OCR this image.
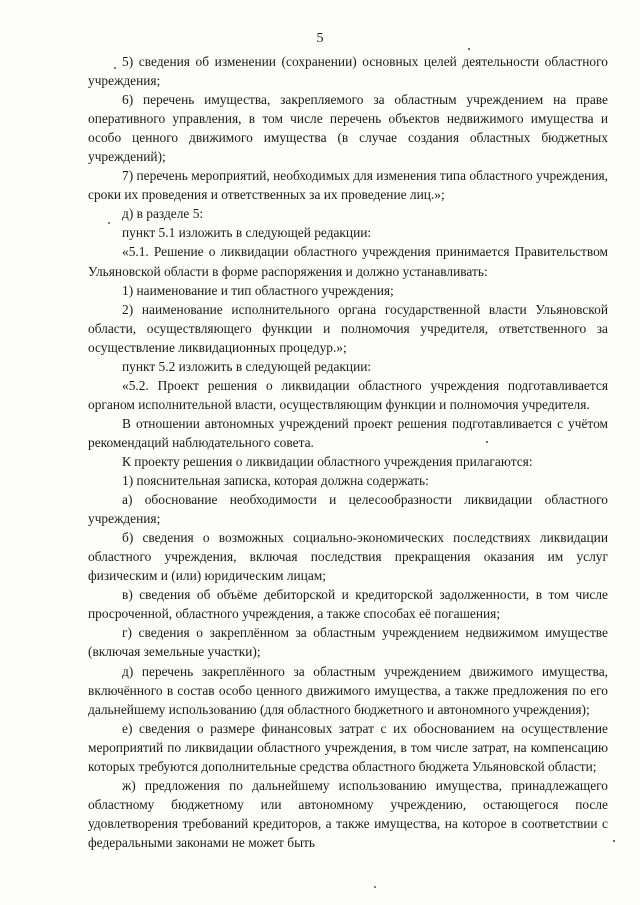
5

5) сведения об изменении (сохранении) основных целей деятельности областного учреждения;

6) перечень имущества, закрепляемого за областным учреждением на праве оперативного управления, в том числе перечень объектов недвижимого имущества и особо ценного движимого имущества (в случае создания областных бюджетных учреждений);

7) перечень мероприятий, необходимых для изменения типа областного учреждения, сроки их проведения и ответственных за их проведение лиц.»;

д) в разделе 5:

пункт 5.1 изложить в следующей редакции:

«5.1. Решение о ликвидации областного учреждения принимается Правительством Ульяновской области в форме распоряжения и должно устанавливать:

1) наименование и тип областного учреждения;

2) наименование исполнительного органа государственной власти Ульяновской области, осуществляющего функции и полномочия учредителя, ответственного за осуществление ликвидационных процедур.»;

пункт 5.2 изложить в следующей редакции:

«5.2. Проект решения о ликвидации областного учреждения подготавливается органом исполнительной власти, осуществляющим функции и полномочия учредителя.

В отношении автономных учреждений проект решения подготавливается с учётом рекомендаций наблюдательного совета.

К проекту решения о ликвидации областного учреждения прилагаются:

1) пояснительная записка, которая должна содержать:

а) обоснование необходимости и целесообразности ликвидации областного учреждения;

б) сведения о возможных социально-экономических последствиях ликвидации областного учреждения, включая последствия прекращения оказания им услуг физическим и (или) юридическим лицам;

в) сведения об объёме дебиторской и кредиторской задолженности, в том числе просроченной, областного учреждения, а также способах её погашения;

г) сведения о закреплённом за областным учреждением недвижимом имуществе (включая земельные участки);

д) перечень закреплённого за областным учреждением движимого имущества, включённого в состав особо ценного движимого имущества, а также предложения по его дальнейшему использованию (для областного бюджетного и автономного учреждения);

е) сведения о размере финансовых затрат с их обоснованием на осуществление мероприятий по ликвидации областного учреждения, в том числе затрат, на компенсацию которых требуются дополнительные средства областного бюджета Ульяновской области;

ж) предложения по дальнейшему использованию имущества, принадлежащего областному бюджетному или автономному учреждению, остающегося после удовлетворения требований кредиторов, а также имущества, на которое в соответствии с федеральными законами не может быть
